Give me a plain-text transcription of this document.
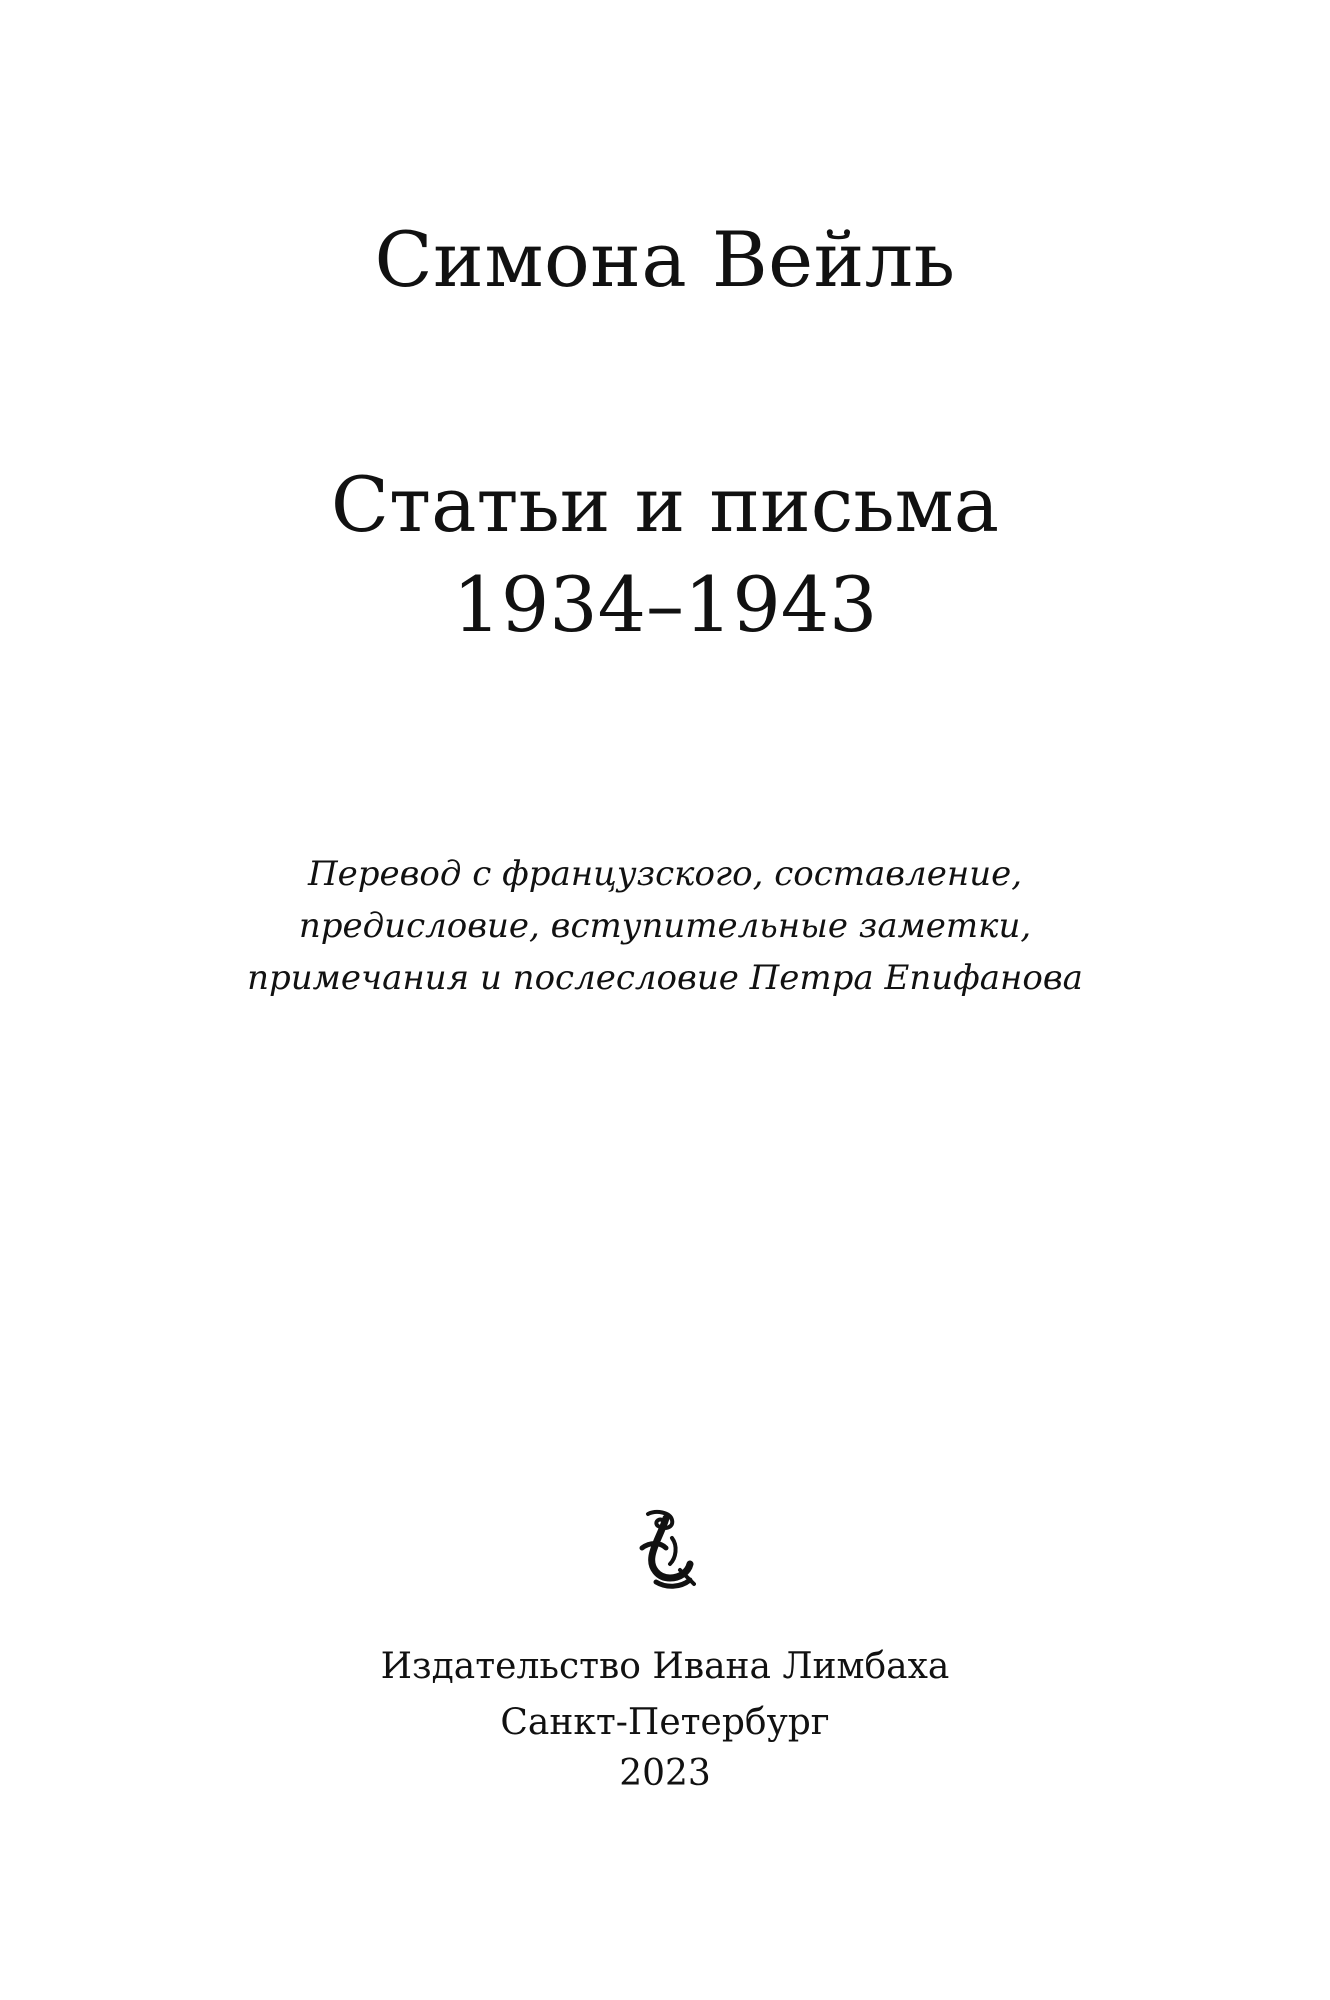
Симона Вейль
Статьи и письма
1934–1943
Перевод с французского, составление,
предисловие, вступительные заметки,
примечания и послесловие Петра Епифанова
Издательство Ивана Лимбаха
Санкт-Петербург
2023
